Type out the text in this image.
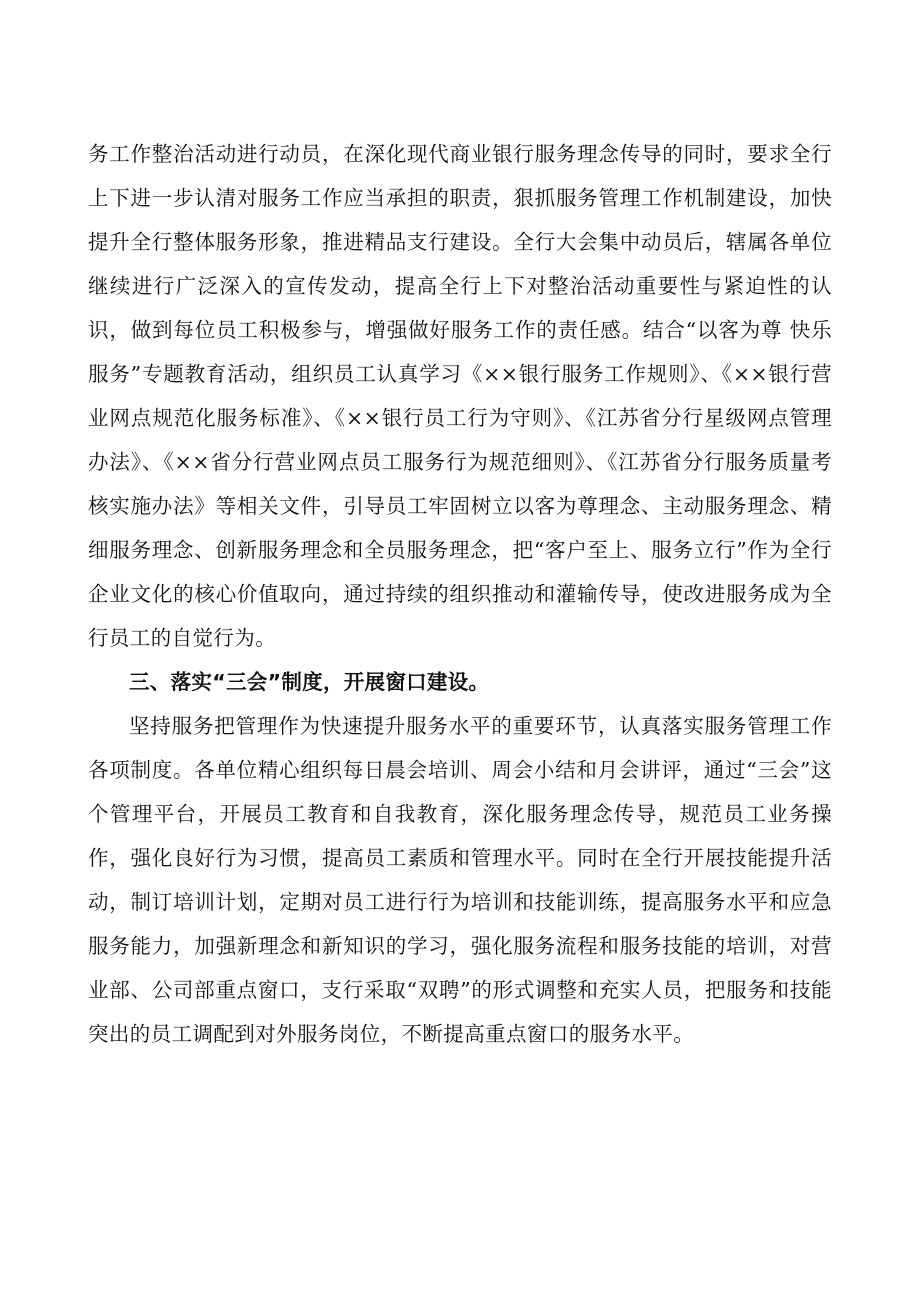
务工作整治活动进行动员，在深化现代商业银行服务理念传导的同时，要求全行上下进一步认清对服务工作应当承担的职责，狠抓服务管理工作机制建设，加快提升全行整体服务形象，推进精品支行建设。全行大会集中动员后，辖属各单位继续进行广泛深入的宣传发动，提高全行上下对整治活动重要性与紧迫性的认识，做到每位员工积极参与，增强做好服务工作的责任感。结合“以客为尊 快乐服务”专题教育活动，组织员工认真学习《××银行服务工作规则》、《××银行营业网点规范化服务标准》、《××银行员工行为守则》、《江苏省分行星级网点管理办法》、《××省分行营业网点员工服务行为规范细则》、《江苏省分行服务质量考核实施办法》等相关文件，引导员工牢固树立以客为尊理念、主动服务理念、精细服务理念、创新服务理念和全员服务理念，把“客户至上、服务立行”作为全行企业文化的核心价值取向，通过持续的组织推动和灌输传导，使改进服务成为全行员工的自觉行为。

三、落实“三会”制度，开展窗口建设。

坚持服务把管理作为快速提升服务水平的重要环节，认真落实服务管理工作各项制度。各单位精心组织每日晨会培训、周会小结和月会讲评，通过“三会”这个管理平台，开展员工教育和自我教育，深化服务理念传导，规范员工业务操作，强化良好行为习惯，提高员工素质和管理水平。同时在全行开展技能提升活动，制订培训计划，定期对员工进行行为培训和技能训练，提高服务水平和应急服务能力，加强新理念和新知识的学习，强化服务流程和服务技能的培训，对营业部、公司部重点窗口，支行采取“双聘”的形式调整和充实人员，把服务和技能突出的员工调配到对外服务岗位，不断提高重点窗口的服务水平。
